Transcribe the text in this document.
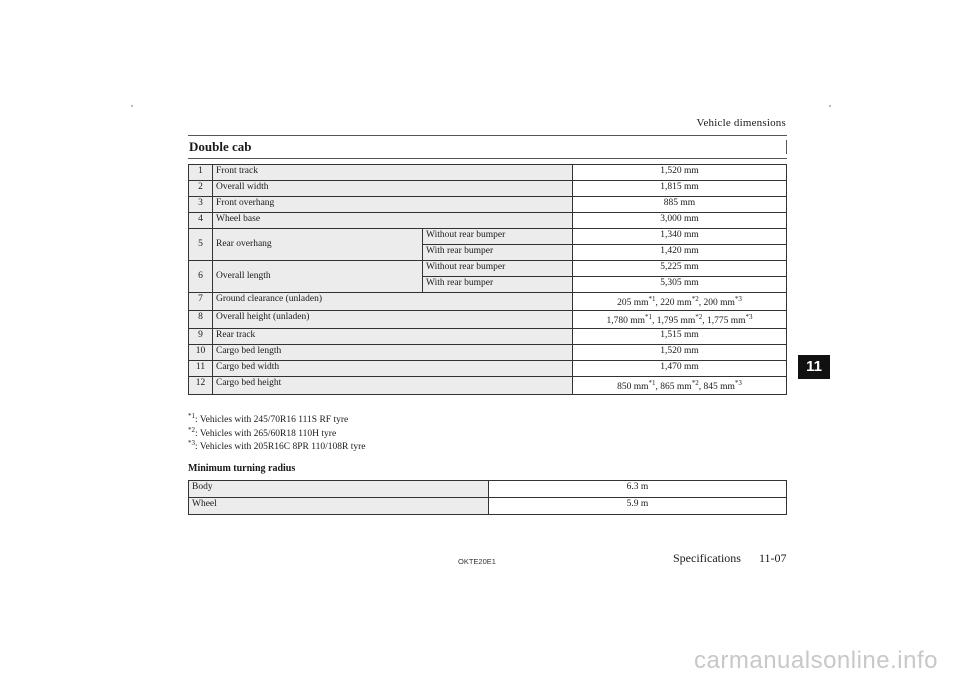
Vehicle dimensions
Double cab
1	Front track		1,520 mm
2	Overall width		1,815 mm
3	Front overhang		885 mm
4	Wheel base		3,000 mm
5	Rear overhang	Without rear bumper	1,340 mm
		With rear bumper	1,420 mm
6	Overall length	Without rear bumper	5,225 mm
		With rear bumper	5,305 mm
7	Ground clearance (unladen)		205 $mm^{*1}$, 220 $mm^{*2}$, 200 $mm^{*3}$
8	Overall height (unladen)		1,780 $mm^{*1}$, 1,795 $mm^{*2}$, 1,775 $mm^{*3}$
9	Rear track		1,515 mm
10	Cargo bed length		1,520 mm
11	Cargo bed width		1,470 mm
12	Cargo bed height		850 $mm^{*1}$, 865 $mm^{*2}$, 845 $mm^{*3}$
$^{*1}$: Vehicles with 245/70R16 111S RF tyre
$^{*2}$: Vehicles with 265/60R18 110H tyre
$^{*3}$: Vehicles with 205R16C 8PR 110/108R tyre
Minimum turning radius
Body	6.3 m
Wheel	5.9 m
OKTE20E1	Specifications 11-07
11
carmanualsonline.info
